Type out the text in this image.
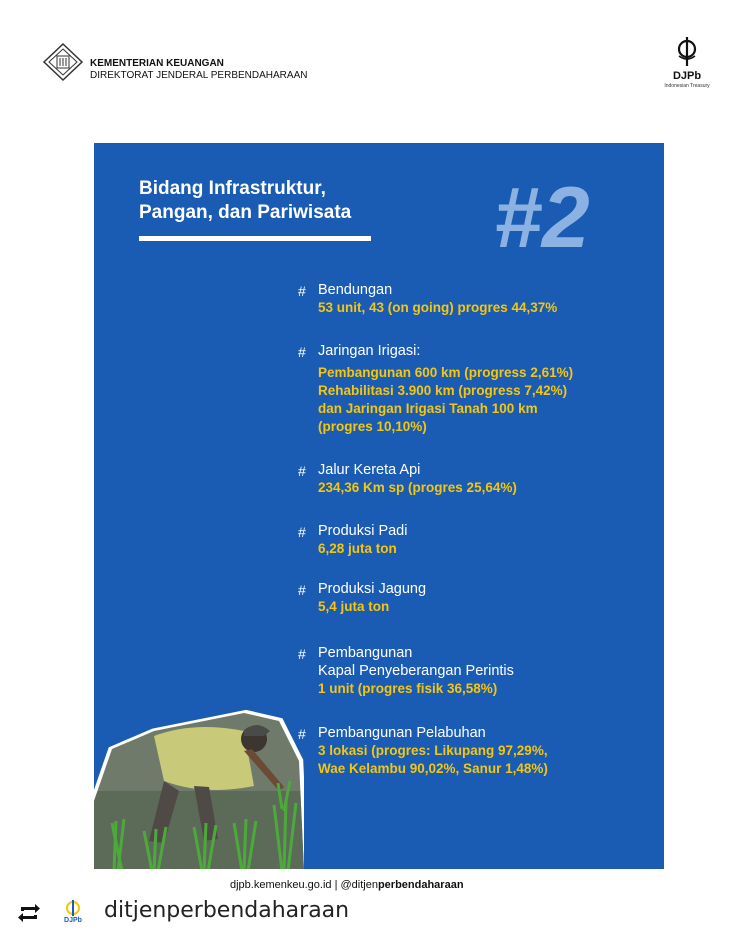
KEMENTERIAN KEUANGAN
DIREKTORAT JENDERAL PERBENDAHARAAN	DJPb
Indonesian Treasury
Bidang Infrastruktur,
Pangan, dan Pariwisata	#2
# Bendungan
53 unit, 43 (on going) progres 44,37%
# Jaringan Irigasi:
Pembangunan 600 km (progress 2,61%)
Rehabilitasi 3.900 km (progress 7,42%)
dan Jaringan Irigasi Tanah 100 km
(progres 10,10%)
# Jalur Kereta Api
234,36 Km sp (progres 25,64%)
# Produksi Padi
6,28 juta ton
# Produksi Jagung
5,4 juta ton
# Pembangunan
Kapal Penyeberangan Perintis
1 unit (progres fisik 36,58%)
# Pembangunan Pelabuhan
3 lokasi (progres: Likupang 97,29%,
Wae Kelambu 90,02%, Sanur 1,48%)
djpb.kemenkeu.go.id | @ditjenperbendaharaan
DJPb	ditjenperbendaharaan
